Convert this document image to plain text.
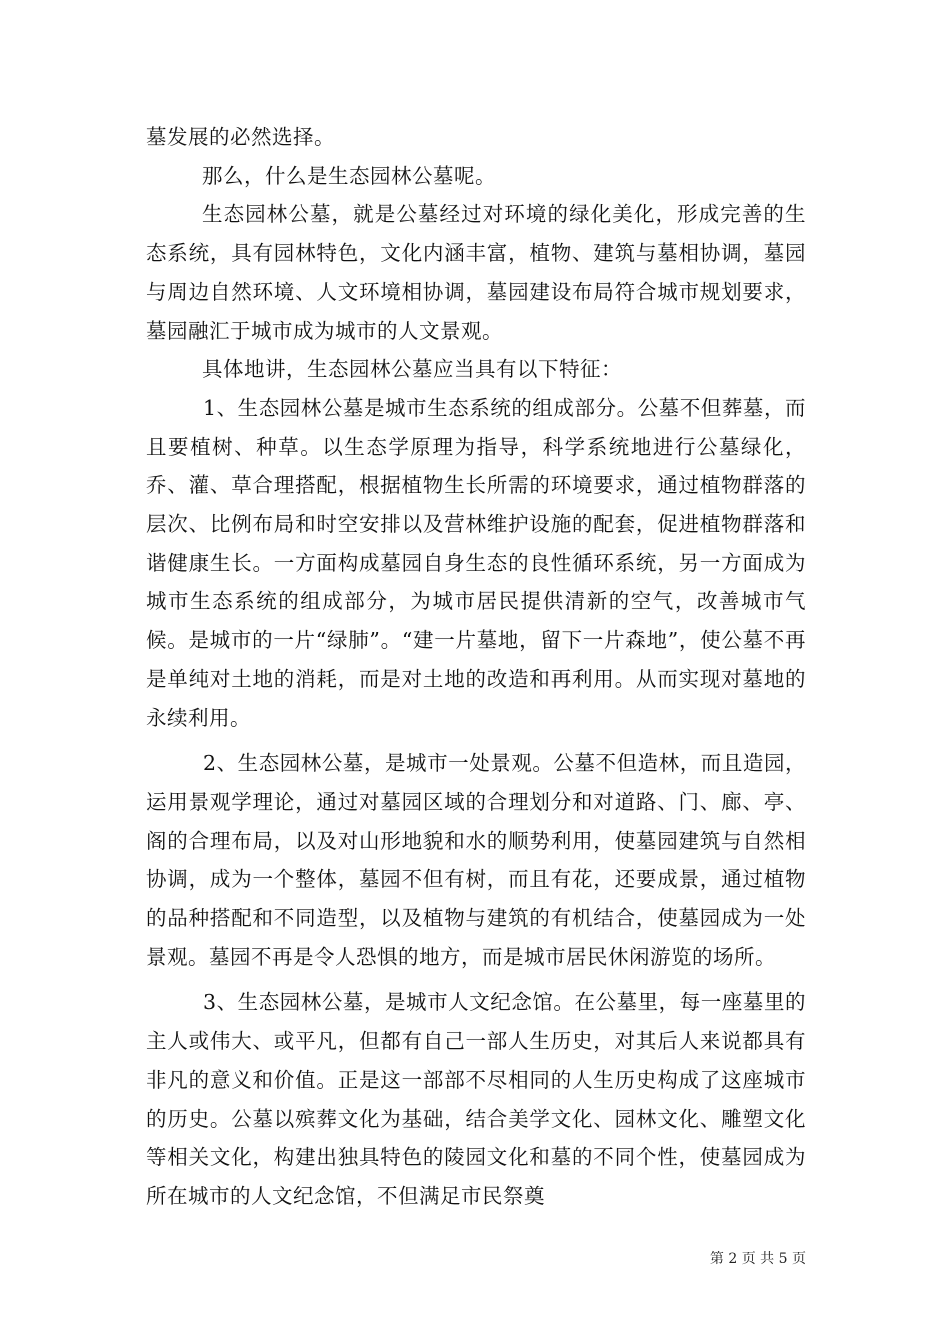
墓发展的必然选择。

那么，什么是生态园林公墓呢。

生态园林公墓，就是公墓经过对环境的绿化美化，形成完善的生态系统，具有园林特色，文化内涵丰富，植物、建筑与墓相协调，墓园与周边自然环境、人文环境相协调，墓园建设布局符合城市规划要求，墓园融汇于城市成为城市的人文景观。

具体地讲，生态园林公墓应当具有以下特征：

1、生态园林公墓是城市生态系统的组成部分。公墓不但葬墓，而且要植树、种草。以生态学原理为指导，科学系统地进行公墓绿化，乔、灌、草合理搭配，根据植物生长所需的环境要求，通过植物群落的层次、比例布局和时空安排以及营林维护设施的配套，促进植物群落和谐健康生长。一方面构成墓园自身生态的良性循环系统，另一方面成为城市生态系统的组成部分，为城市居民提供清新的空气，改善城市气候。是城市的一片“绿肺”。“建一片墓地，留下一片森地”，使公墓不再是单纯对土地的消耗，而是对土地的改造和再利用。从而实现对墓地的永续利用。

2、生态园林公墓，是城市一处景观。公墓不但造林，而且造园，运用景观学理论，通过对墓园区域的合理划分和对道路、门、廊、亭、阁的合理布局，以及对山形地貌和水的顺势利用，使墓园建筑与自然相协调，成为一个整体，墓园不但有树，而且有花，还要成景，通过植物的品种搭配和不同造型，以及植物与建筑的有机结合，使墓园成为一处景观。墓园不再是令人恐惧的地方，而是城市居民休闲游览的场所。

3、生态园林公墓，是城市人文纪念馆。在公墓里，每一座墓里的主人或伟大、或平凡，但都有自己一部人生历史，对其后人来说都具有非凡的意义和价值。正是这一部部不尽相同的人生历史构成了这座城市的历史。公墓以殡葬文化为基础，结合美学文化、园林文化、雕塑文化等相关文化，构建出独具特色的陵园文化和墓的不同个性，使墓园成为所在城市的人文纪念馆，不但满足市民祭奠

第 2 页 共 5 页
